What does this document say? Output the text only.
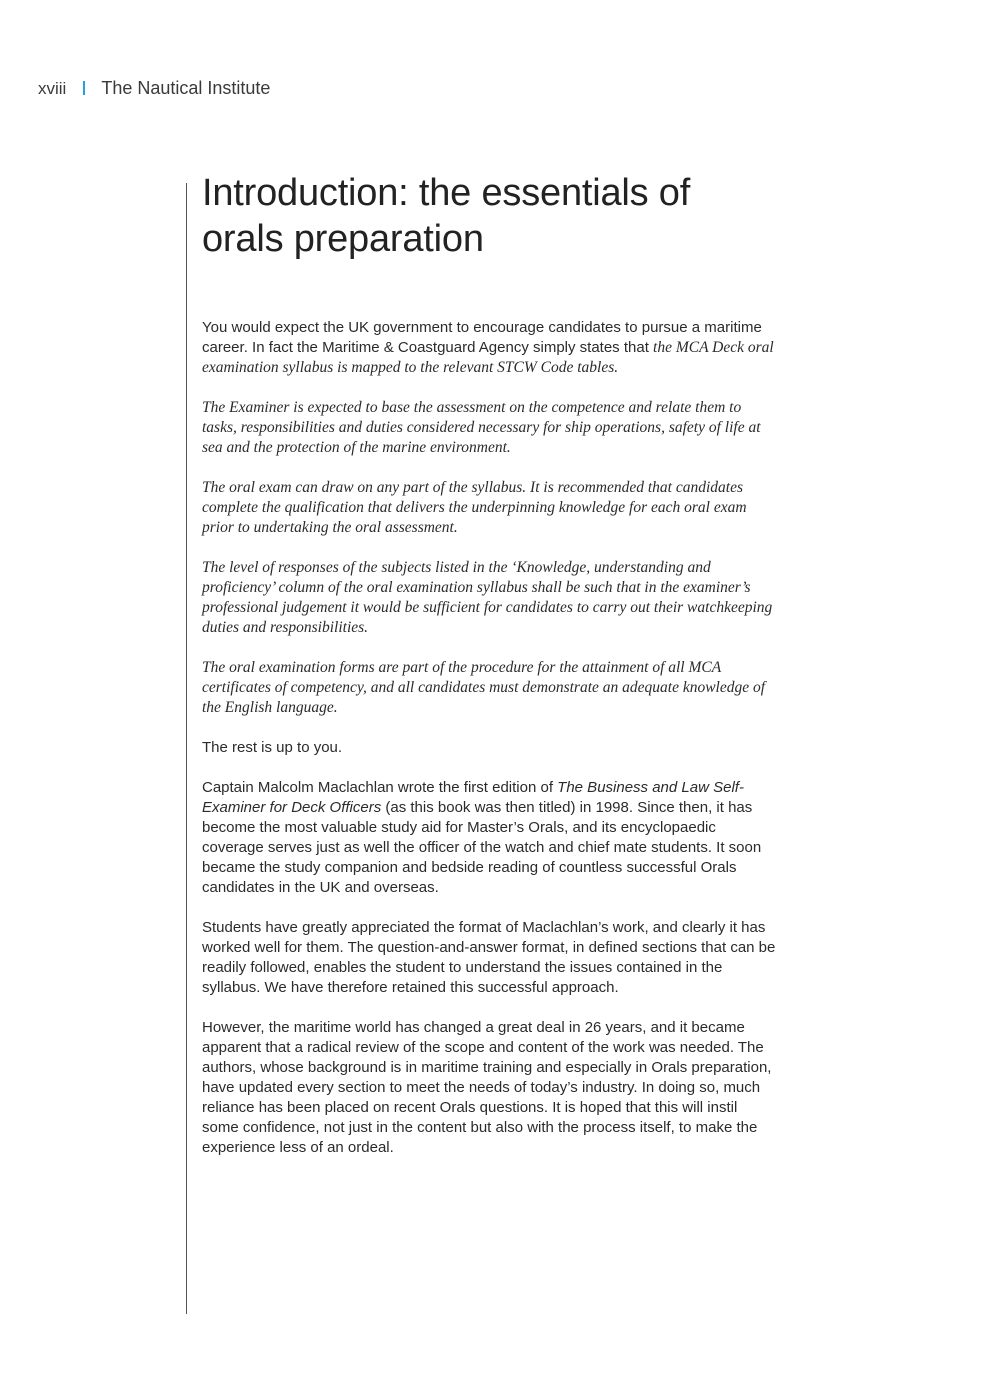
xviii The Nautical Institute
Introduction: the essentials of
orals preparation

You would expect the UK government to encourage candidates to pursue a maritime career. In fact the Maritime & Coastguard Agency simply states that the MCA Deck oral examination syllabus is mapped to the relevant STCW Code tables.

The Examiner is expected to base the assessment on the competence and relate them to tasks, responsibilities and duties considered necessary for ship operations, safety of life at sea and the protection of the marine environment.

The oral exam can draw on any part of the syllabus. It is recommended that candidates complete the qualification that delivers the underpinning knowledge for each oral exam prior to undertaking the oral assessment.

The level of responses of the subjects listed in the ‘Knowledge, understanding and proficiency’ column of the oral examination syllabus shall be such that in the examiner’s professional judgement it would be sufficient for candidates to carry out their watchkeeping duties and responsibilities.

The oral examination forms are part of the procedure for the attainment of all MCA certificates of competency, and all candidates must demonstrate an adequate knowledge of the English language.

The rest is up to you.

Captain Malcolm Maclachlan wrote the first edition of The Business and Law Self-Examiner for Deck Officers (as this book was then titled) in 1998. Since then, it has become the most valuable study aid for Master’s Orals, and its encyclopaedic coverage serves just as well the officer of the watch and chief mate students. It soon became the study companion and bedside reading of countless successful Orals candidates in the UK and overseas.

Students have greatly appreciated the format of Maclachlan’s work, and clearly it has worked well for them. The question-and-answer format, in defined sections that can be readily followed, enables the student to understand the issues contained in the syllabus. We have therefore retained this successful approach.

However, the maritime world has changed a great deal in 26 years, and it became apparent that a radical review of the scope and content of the work was needed. The authors, whose background is in maritime training and especially in Orals preparation, have updated every section to meet the needs of today’s industry. In doing so, much reliance has been placed on recent Orals questions. It is hoped that this will instil some confidence, not just in the content but also with the process itself, to make the experience less of an ordeal.
